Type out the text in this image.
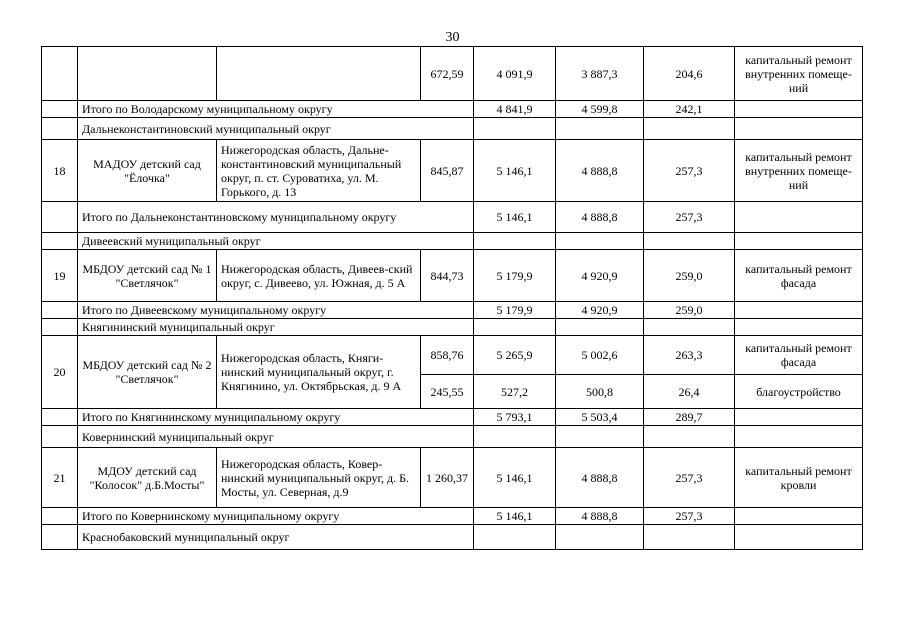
30
			672,59	4 091,9	3 887,3	204,6	капитальный ремонт внутренних помеще-ний
	Итого по Володарскому муниципальному округу			4 841,9	4 599,8	242,1	
	Дальнеконстантиновский муниципальный округ						
18	МАДОУ детский сад "Ёлочка"	Нижегородская область, Дальне-константиновский муниципальный округ, п. ст. Суроватиха, ул. М. Горького, д. 13	845,87	5 146,1	4 888,8	257,3	капитальный ремонт внутренних помеще-ний
	Итого по Дальнеконстантиновскому муниципальному округу			5 146,1	4 888,8	257,3	
	Дивеевский муниципальный округ						
19	МБДОУ детский сад № 1 "Светлячок"	Нижегородская область, Дивеев-ский округ, с. Дивеево, ул. Южная, д. 5 А	844,73	5 179,9	4 920,9	259,0	капитальный ремонт фасада
	Итого по Дивеевскому муниципальному округу			5 179,9	4 920,9	259,0	
	Княгининский муниципальный округ						
20	МБДОУ детский сад № 2 "Светлячок"	Нижегородская область, Княги-нинский муниципальный округ, г. Княгинино, ул. Октябрьская, д. 9 А	858,76	5 265,9	5 002,6	263,3	капитальный ремонт фасада
			245,55	527,2	500,8	26,4	благоустройство
	Итого по Княгининскому муниципальному округу			5 793,1	5 503,4	289,7	
	Ковернинский муниципальный округ						
21	МДОУ детский сад "Колосок" д.Б.Мосты"	Нижегородская область, Ковер-нинский муниципальный округ, д. Б. Мосты, ул. Северная, д.9	1 260,37	5 146,1	4 888,8	257,3	капитальный ремонт кровли
	Итого по Ковернинскому муниципальному округу			5 146,1	4 888,8	257,3	
	Краснобаковский муниципальный округ						
